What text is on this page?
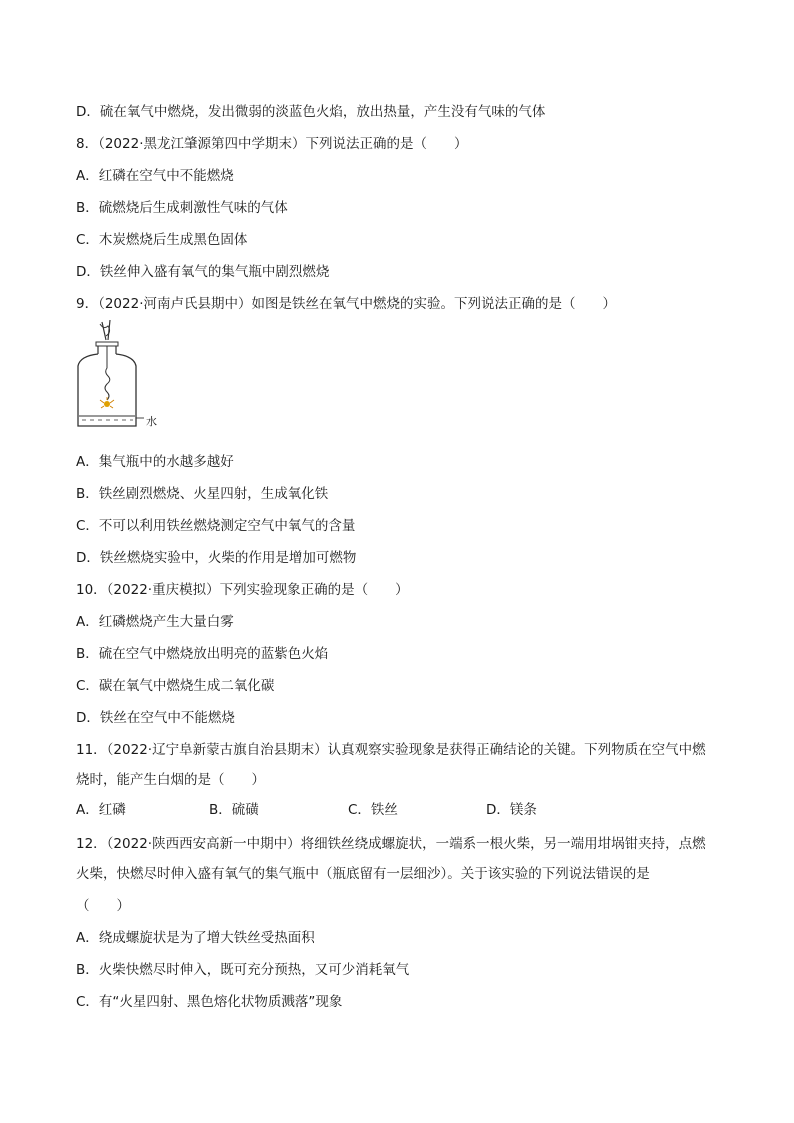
D．硫在氧气中燃烧，发出微弱的淡蓝色火焰，放出热量，产生没有气味的气体
8．（2022·黑龙江肇源第四中学期末）下列说法正确的是（　　）
A．红磷在空气中不能燃烧
B．硫燃烧后生成刺激性气味的气体
C．木炭燃烧后生成黑色固体
D．铁丝伸入盛有氧气的集气瓶中剧烈燃烧
9．（2022·河南卢氏县期中）如图是铁丝在氧气中燃烧的实验。下列说法正确的是（　　）
水
A．集气瓶中的水越多越好
B．铁丝剧烈燃烧、火星四射，生成氧化铁
C．不可以利用铁丝燃烧测定空气中氧气的含量
D．铁丝燃烧实验中，火柴的作用是增加可燃物
10．（2022·重庆模拟）下列实验现象正确的是（　　）
A．红磷燃烧产生大量白雾
B．硫在空气中燃烧放出明亮的蓝紫色火焰
C．碳在氧气中燃烧生成二氧化碳
D．铁丝在空气中不能燃烧
11．（2022·辽宁阜新蒙古旗自治县期末）认真观察实验现象是获得正确结论的关键。下列物质在空气中燃
烧时，能产生白烟的是（　　）
A．红磷	B．硫磺	C．铁丝	D．镁条
12．（2022·陕西西安高新一中期中）将细铁丝绕成螺旋状，一端系一根火柴，另一端用坩埚钳夹持，点燃
火柴，快燃尽时伸入盛有氧气的集气瓶中（瓶底留有一层细沙）。关于该实验的下列说法错误的是
（　　）
A．绕成螺旋状是为了增大铁丝受热面积
B．火柴快燃尽时伸入，既可充分预热，又可少消耗氧气
C．有“火星四射、黑色熔化状物质溅落”现象
